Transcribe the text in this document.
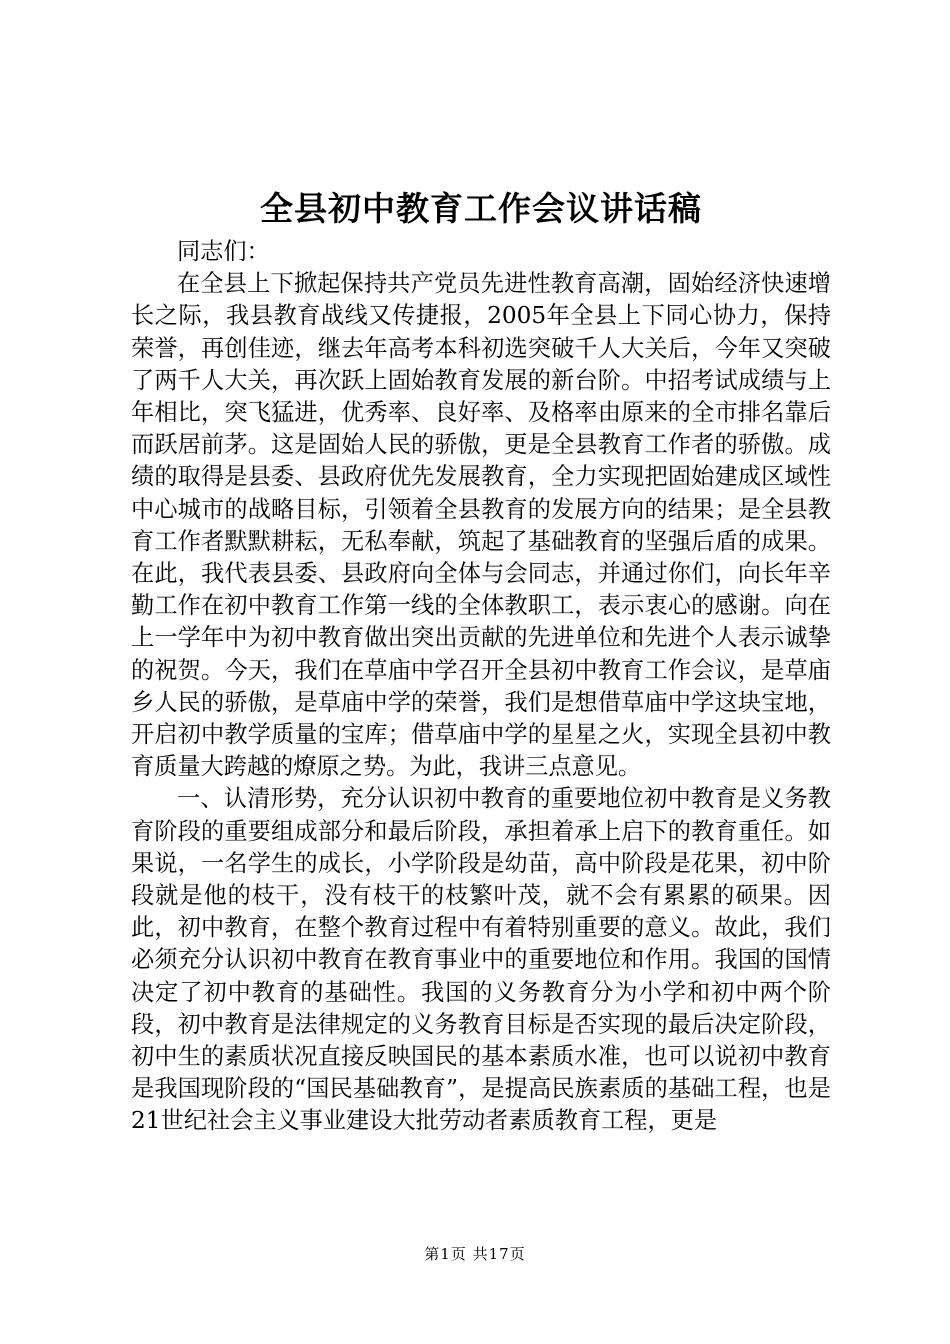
全县初中教育工作会议讲话稿

同志们：

在全县上下掀起保持共产党员先进性教育高潮，固始经济快速增长之际，我县教育战线又传捷报，2005年全县上下同心协力，保持荣誉，再创佳迹，继去年高考本科初选突破千人大关后，今年又突破了两千人大关，再次跃上固始教育发展的新台阶。中招考试成绩与上年相比，突飞猛进，优秀率、良好率、及格率由原来的全市排名靠后而跃居前茅。这是固始人民的骄傲，更是全县教育工作者的骄傲。成绩的取得是县委、县政府优先发展教育，全力实现把固始建成区域性中心城市的战略目标，引领着全县教育的发展方向的结果；是全县教育工作者默默耕耘，无私奉献，筑起了基础教育的坚强后盾的成果。在此，我代表县委、县政府向全体与会同志，并通过你们，向长年辛勤工作在初中教育工作第一线的全体教职工，表示衷心的感谢。向在上一学年中为初中教育做出突出贡献的先进单位和先进个人表示诚挚的祝贺。今天，我们在草庙中学召开全县初中教育工作会议，是草庙乡人民的骄傲，是草庙中学的荣誉，我们是想借草庙中学这块宝地，开启初中教学质量的宝库；借草庙中学的星星之火，实现全县初中教育质量大跨越的燎原之势。为此，我讲三点意见。

一、认清形势，充分认识初中教育的重要地位初中教育是义务教育阶段的重要组成部分和最后阶段，承担着承上启下的教育重任。如果说，一名学生的成长，小学阶段是幼苗，高中阶段是花果，初中阶段就是他的枝干，没有枝干的枝繁叶茂，就不会有累累的硕果。因此，初中教育，在整个教育过程中有着特别重要的意义。故此，我们必须充分认识初中教育在教育事业中的重要地位和作用。我国的国情决定了初中教育的基础性。我国的义务教育分为小学和初中两个阶段，初中教育是法律规定的义务教育目标是否实现的最后决定阶段，初中生的素质状况直接反映国民的基本素质水准，也可以说初中教育是我国现阶段的“国民基础教育”，是提高民族素质的基础工程，也是21世纪社会主义事业建设大批劳动者素质教育工程，更是

第1页 共17页
